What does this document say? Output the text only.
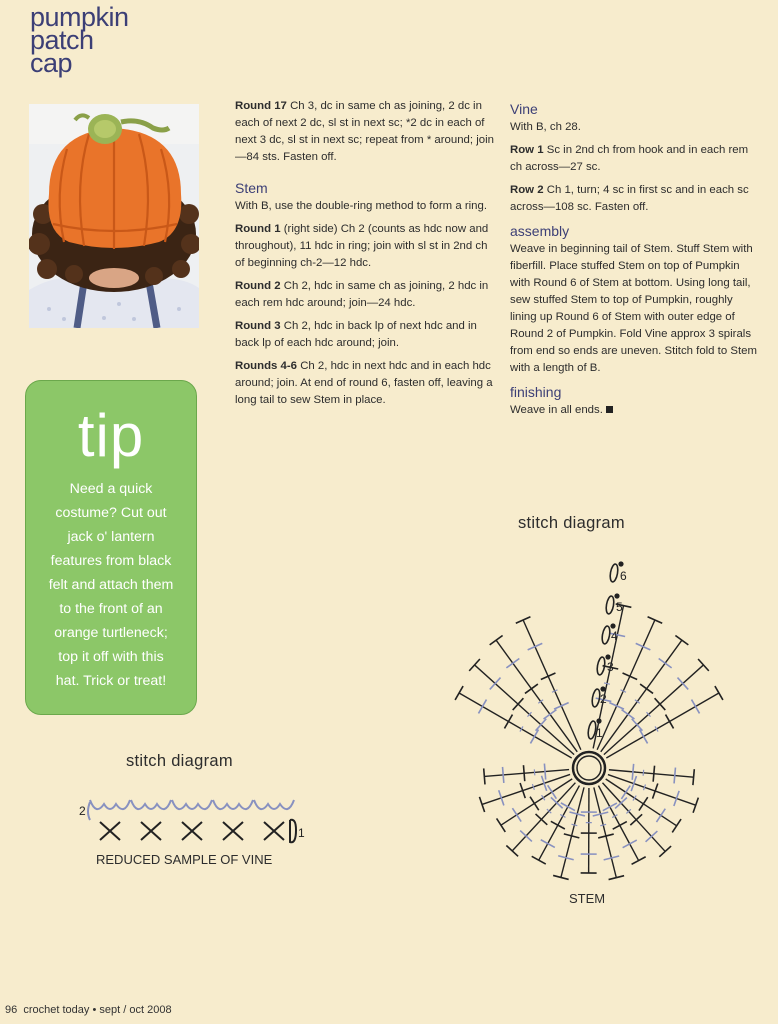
pumpkin
patch
cap

Round 17 Ch 3, dc in same ch as joining, 2 dc in each of next 2 dc, sl st in next sc; *2 dc in each of next 3 dc, sl st in next sc; repeat from * around; join—84 sts. Fasten off.

Stem

With B, use the double-ring method to form a ring.

Round 1 (right side) Ch 2 (counts as hdc now and throughout), 11 hdc in ring; join with sl st in 2nd ch of beginning ch-2—12 hdc.

Round 2 Ch 2, hdc in same ch as joining, 2 hdc in each rem hdc around; join—24 hdc.

Round 3 Ch 2, hdc in back lp of next hdc and in back lp of each hdc around; join.

Rounds 4-6 Ch 2, hdc in next hdc and in each hdc around; join. At end of round 6, fasten off, leaving a long tail to sew Stem in place.

Vine

With B, ch 28.

Row 1 Sc in 2nd ch from hook and in each rem ch across—27 sc.

Row 2 Ch 1, turn; 4 sc in first sc and in each sc across—108 sc. Fasten off.

assembly

Weave in beginning tail of Stem. Stuff Stem with fiberfill. Place stuffed Stem on top of Pumpkin with Round 6 of Stem at bottom. Using long tail, sew stuffed Stem to top of Pumpkin, roughly lining up Round 6 of Stem with outer edge of Round 2 of Pumpkin. Fold Vine approx 3 spirals from end so ends are uneven. Stitch fold to Stem with a length of B.

finishing

Weave in all ends.

tip
Need a quick
costume? Cut out
jack o' lantern
features from black
felt and attach them
to the front of an
orange turtleneck;
top it off with this
hat. Trick or treat!
stitch diagram
2
1
REDUCED SAMPLE OF VINE
stitch diagram
1
2
3
4
5
6
STEM
96 crochet today • sept / oct 2008
